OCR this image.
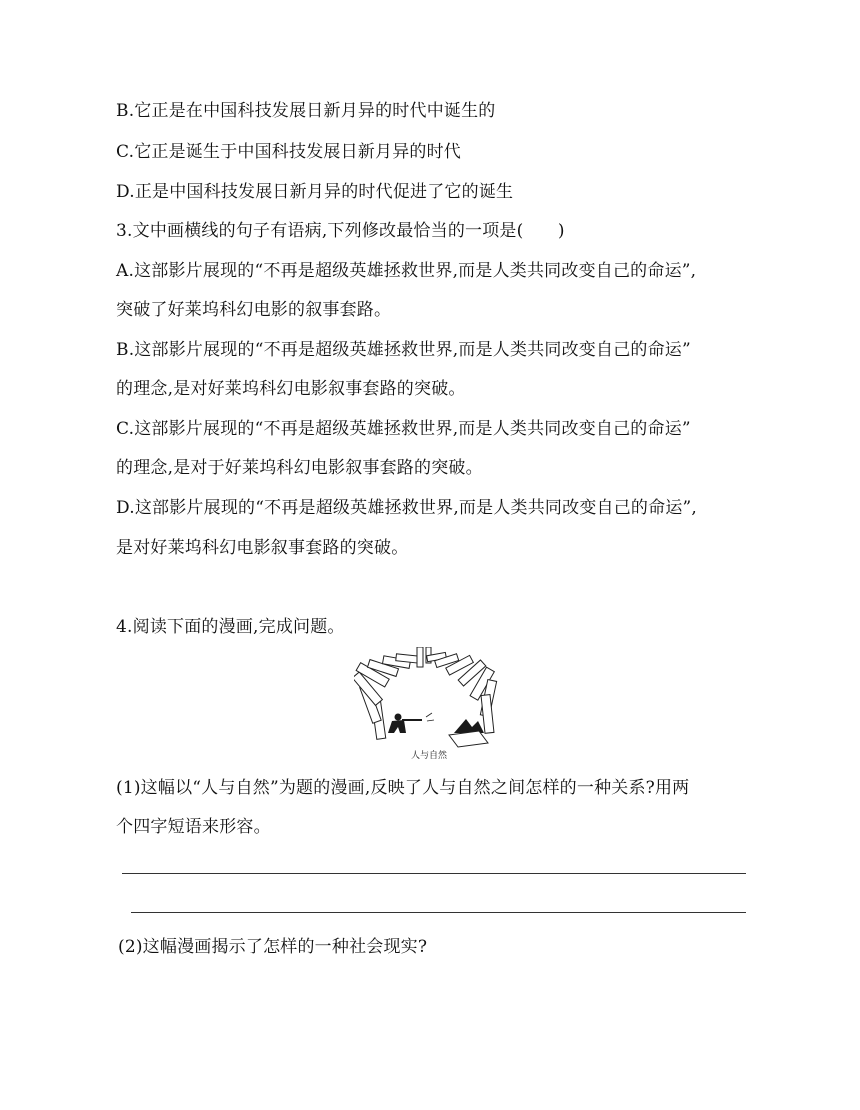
B.它正是在中国科技发展日新月异的时代中诞生的
C.它正是诞生于中国科技发展日新月异的时代
D.正是中国科技发展日新月异的时代促进了它的诞生
3.文中画横线的句子有语病,下列修改最恰当的一项是(　　)
A.这部影片展现的“不再是超级英雄拯救世界,而是人类共同改变自己的命运”,
突破了好莱坞科幻电影的叙事套路。
B.这部影片展现的“不再是超级英雄拯救世界,而是人类共同改变自己的命运”
的理念,是对好莱坞科幻电影叙事套路的突破。
C.这部影片展现的“不再是超级英雄拯救世界,而是人类共同改变自己的命运”
的理念,是对于好莱坞科幻电影叙事套路的突破。
D.这部影片展现的“不再是超级英雄拯救世界,而是人类共同改变自己的命运”,
是对好莱坞科幻电影叙事套路的突破。
4.阅读下面的漫画,完成问题。
人与自然
(1)这幅以“人与自然”为题的漫画,反映了人与自然之间怎样的一种关系?用两
个四字短语来形容。
(2)这幅漫画揭示了怎样的一种社会现实?
